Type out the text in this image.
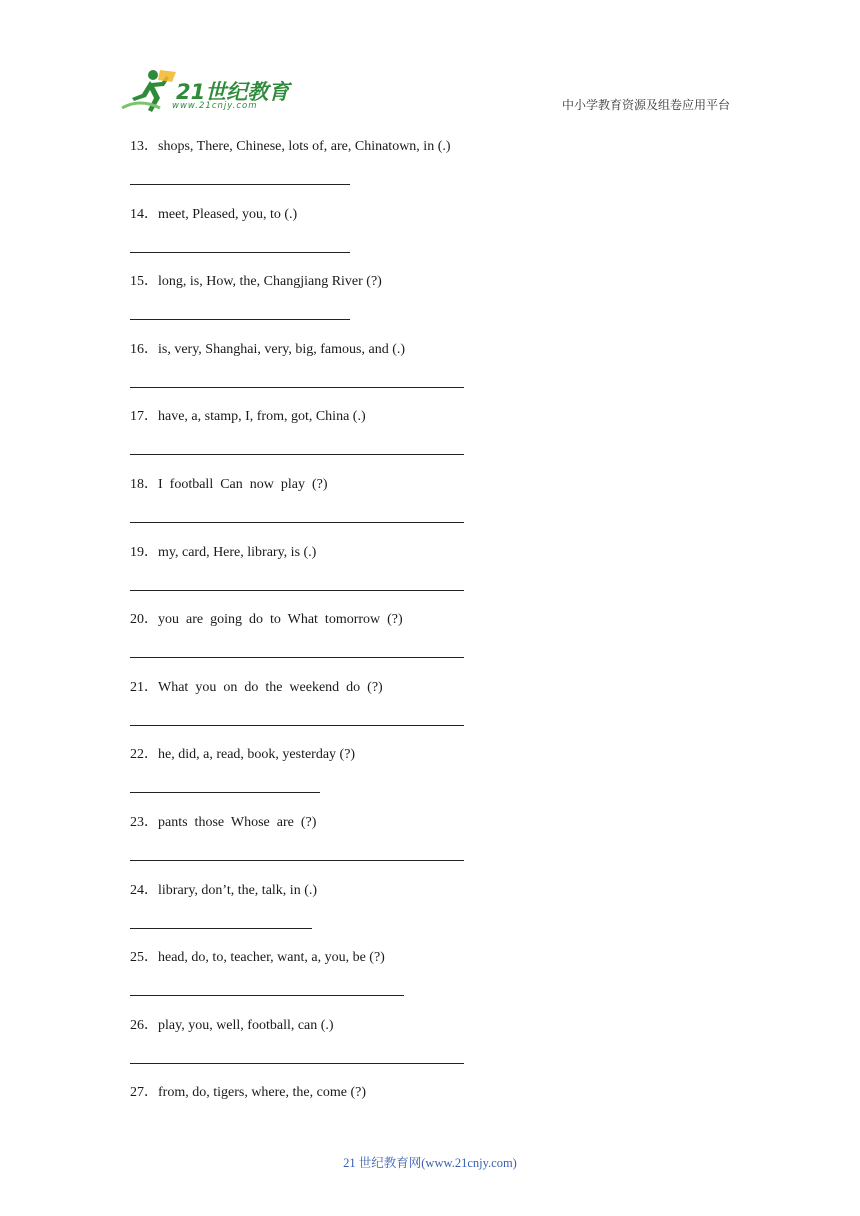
21世纪教育
www.21cnjy.com	中小学教育资源及组卷应用平台
13．shops, There, Chinese, lots of, are, Chinatown, in (.)
14．meet, Pleased, you, to (.)
15．long, is, How, the, Changjiang River (?)
16．is, very, Shanghai, very, big, famous, and (.)
17．have, a, stamp, I, from, got, China (.)
18．I  football  Can  now  play  (?)
19．my, card, Here, library, is (.)
20．you  are  going  do  to  What  tomorrow  (?)
21．What  you  on  do  the  weekend  do  (?)
22．he, did, a, read, book, yesterday (?)
23．pants  those  Whose  are  (?)
24．library, don’t, the, talk, in (.)
25．head, do, to, teacher, want, a, you, be (?)
26．play, you, well, football, can (.)
27．from, do, tigers, where, the, come (?)
21 世纪教育网(www.21cnjy.com)
